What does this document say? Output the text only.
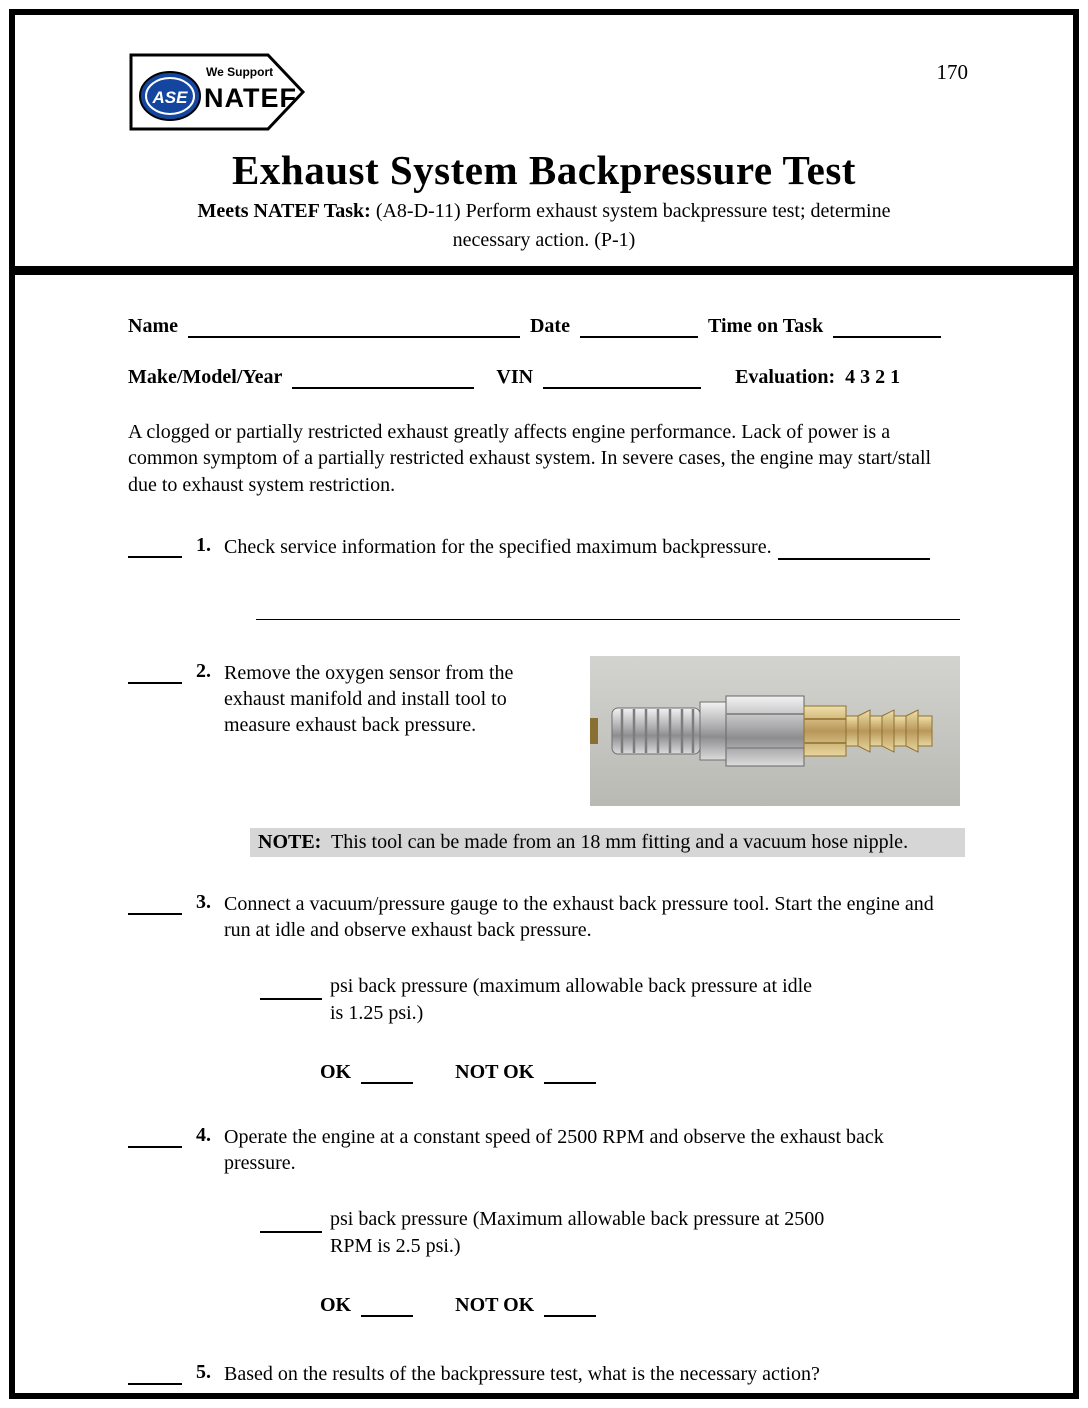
ASE
We Support
NATEF
170
Exhaust System Backpressure Test
Meets NATEF Task: (A8-D-11) Perform exhaust system backpressure test; determine
necessary action. (P-1)
Name	Date	Time on Task
Make/Model/Year	VIN	Evaluation: 4 3 2 1
A clogged or partially restricted exhaust greatly affects engine performance. Lack of power is a common symptom of a partially restricted exhaust system. In severe cases, the engine may start/stall due to exhaust system restriction.
1. Check service information for the specified maximum backpressure.
2. Remove the oxygen sensor from the exhaust manifold and install tool to measure exhaust back pressure.
NOTE:  This tool can be made from an 18 mm fitting and a vacuum hose nipple.
3. Connect a vacuum/pressure gauge to the exhaust back pressure tool. Start the engine and run at idle and observe exhaust back pressure.
psi back pressure (maximum allowable back pressure at idle
is 1.25 psi.)
OK	NOT OK
4. Operate the engine at a constant speed of 2500 RPM and observe the exhaust back pressure.
psi back pressure (Maximum allowable back pressure at 2500
RPM is 2.5 psi.)
OK	NOT OK
5. Based on the results of the backpressure test, what is the necessary action?
